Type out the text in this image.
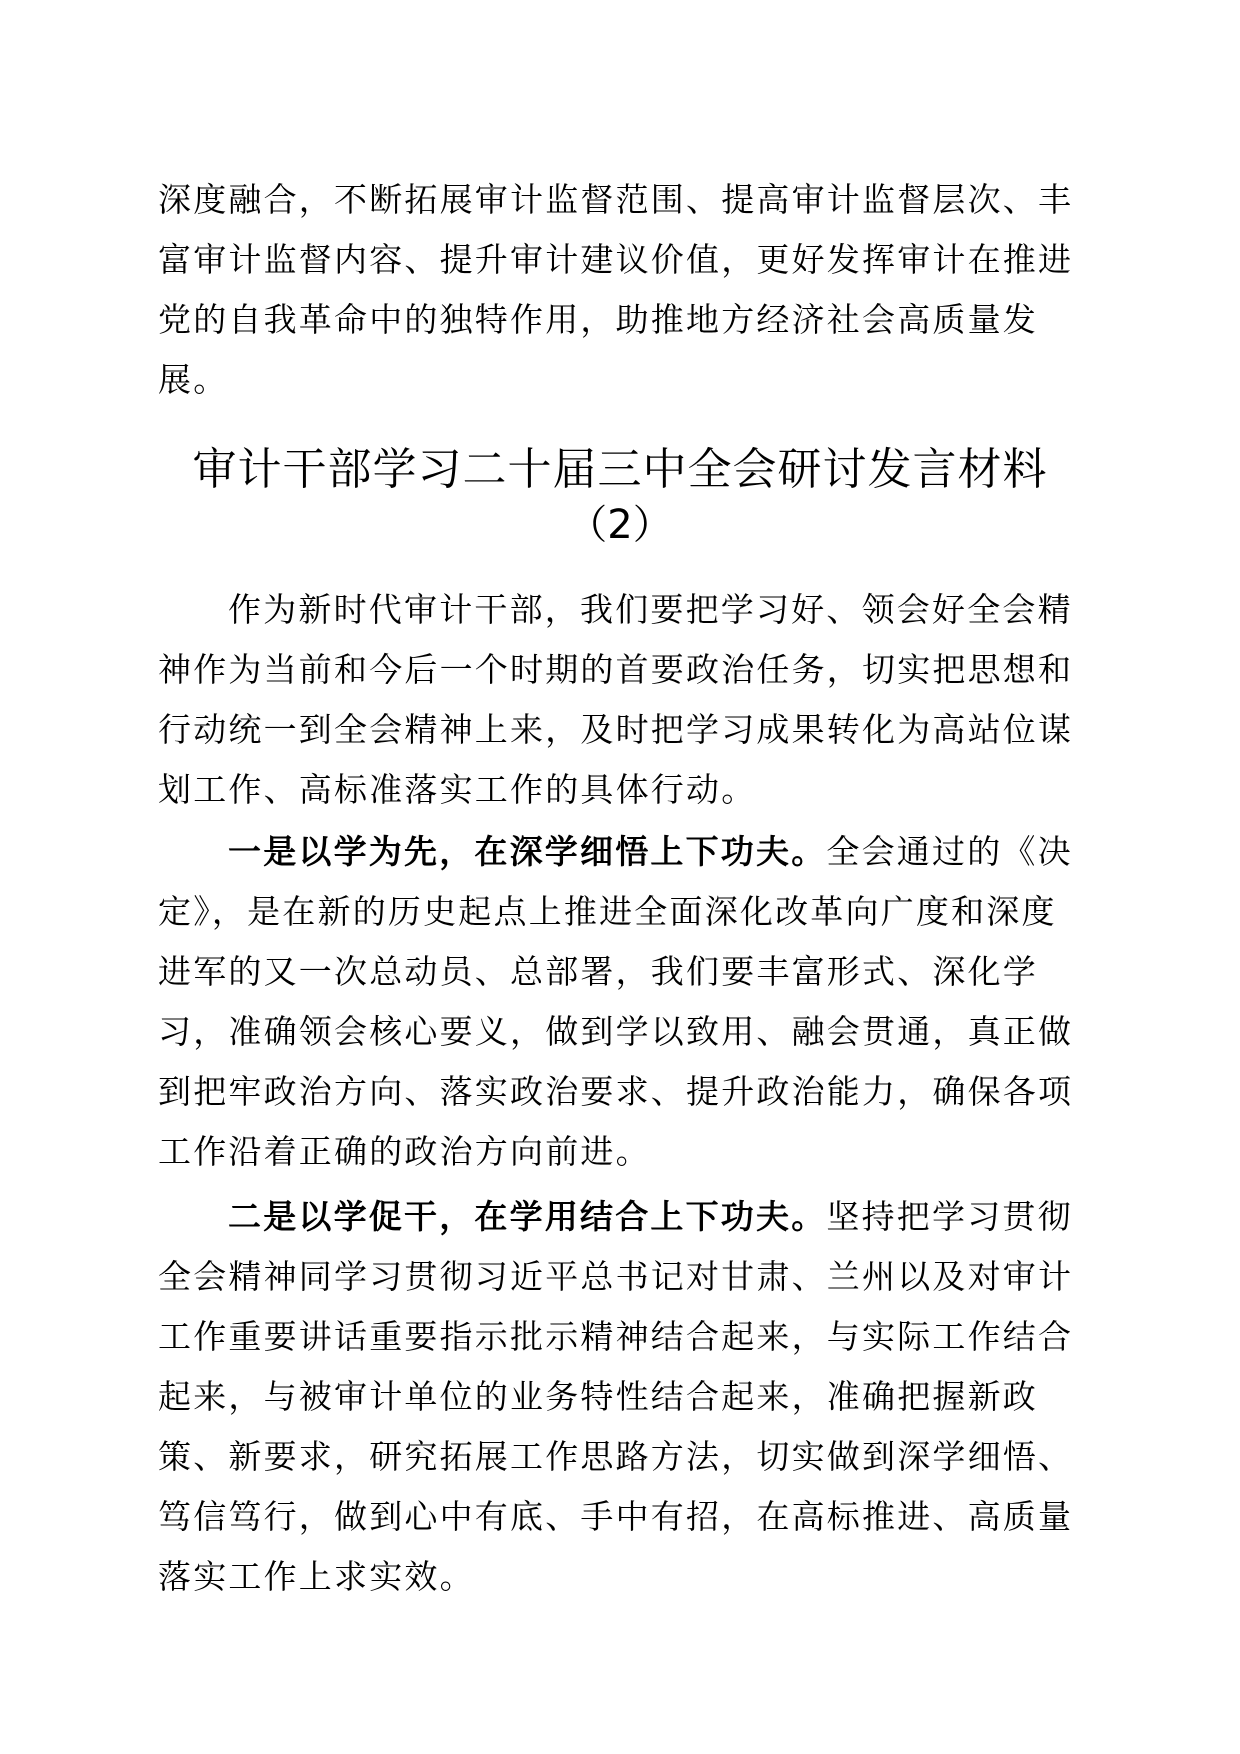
深度融合，不断拓展审计监督范围、提高审计监督层次、丰富审计监督内容、提升审计建议价值，更好发挥审计在推进党的自我革命中的独特作用，助推地方经济社会高质量发展。

审计干部学习二十届三中全会研讨发言材料
（2）

作为新时代审计干部，我们要把学习好、领会好全会精神作为当前和今后一个时期的首要政治任务，切实把思想和行动统一到全会精神上来，及时把学习成果转化为高站位谋划工作、高标准落实工作的具体行动。

一是以学为先，在深学细悟上下功夫。全会通过的《决定》，是在新的历史起点上推进全面深化改革向广度和深度进军的又一次总动员、总部署，我们要丰富形式、深化学习，准确领会核心要义，做到学以致用、融会贯通，真正做到把牢政治方向、落实政治要求、提升政治能力，确保各项工作沿着正确的政治方向前进。

二是以学促干，在学用结合上下功夫。坚持把学习贯彻全会精神同学习贯彻习近平总书记对甘肃、兰州以及对审计工作重要讲话重要指示批示精神结合起来，与实际工作结合起来，与被审计单位的业务特性结合起来，准确把握新政策、新要求，研究拓展工作思路方法，切实做到深学细悟、笃信笃行，做到心中有底、手中有招，在高标推进、高质量落实工作上求实效。
